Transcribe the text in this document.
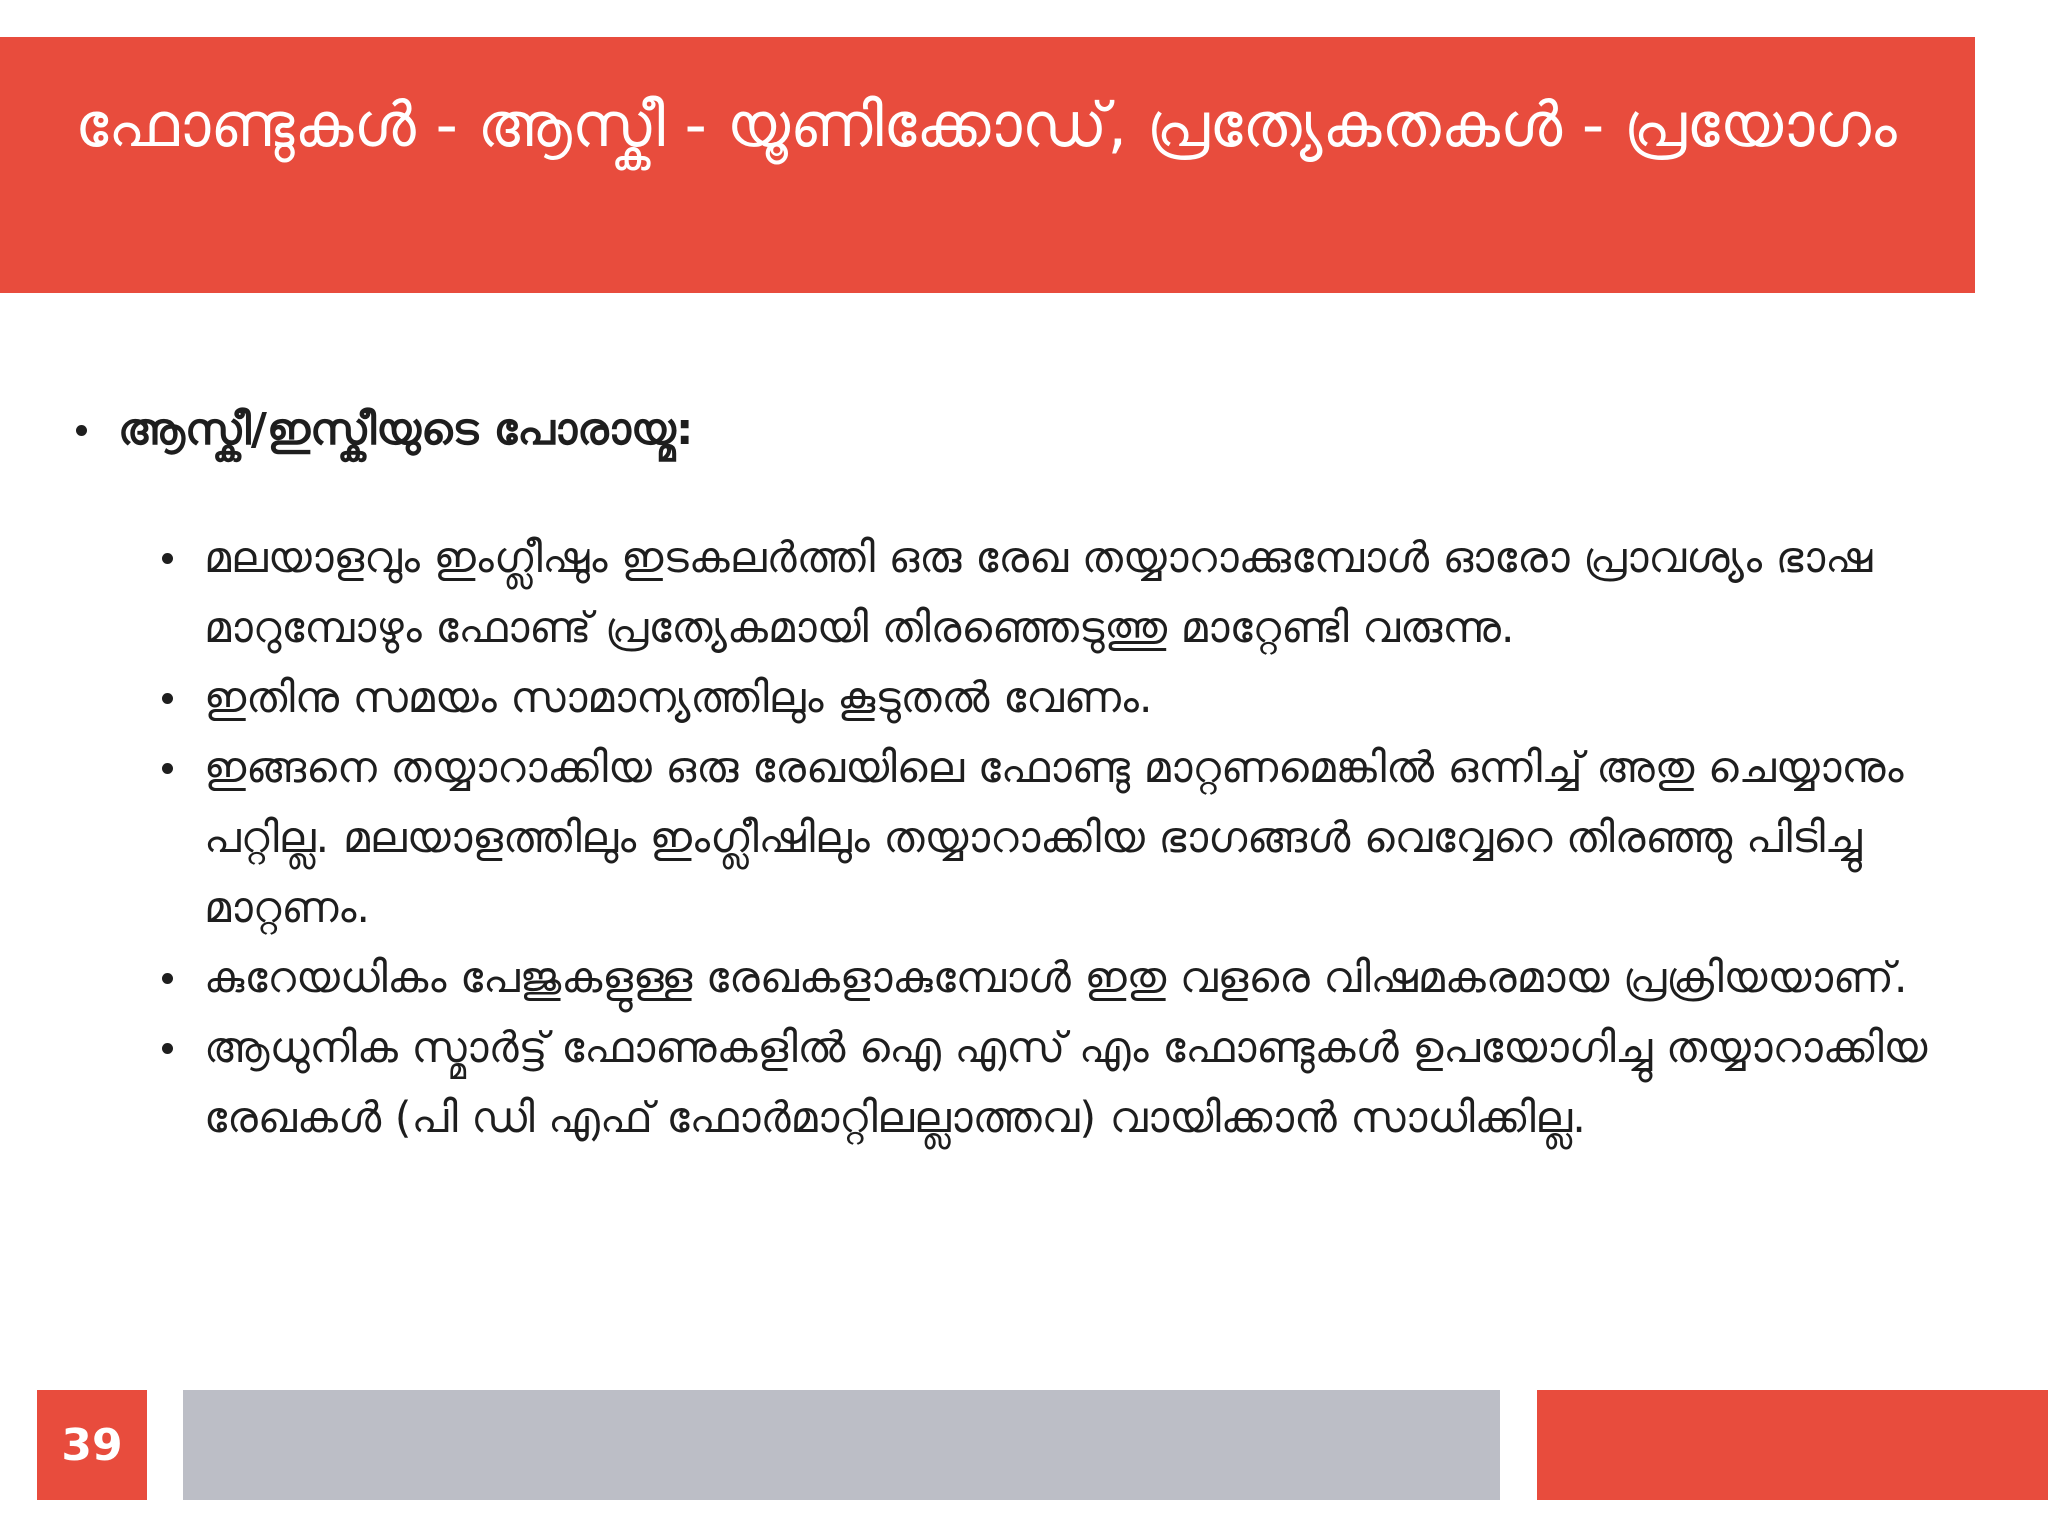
ഫോണ്ടുകൾ - ആസ്കീ - യൂണിക്കോഡ്, പ്രത്യേകതകൾ - പ്രയോഗം
ആസ്കീ/ഇസ്കീയുടെ പോരായ്മ:
മലയാളവും ഇംഗ്ലീഷും ഇടകലർത്തി ഒരു രേഖ തയ്യാറാക്കുമ്പോൾ ഓരോ പ്രാവശ്യം ഭാഷ മാറുമ്പോഴും ഫോണ്ട് പ്രത്യേകമായി തിരഞ്ഞെടുത്തു മാറ്റേണ്ടി വരുന്നു.
ഇതിനു സമയം സാമാന്യത്തിലും കൂടുതൽ വേണം.
ഇങ്ങനെ തയ്യാറാക്കിയ ഒരു രേഖയിലെ ഫോണ്ടു മാറ്റണമെങ്കിൽ ഒന്നിച്ച് അതു ചെയ്യാനും പറ്റില്ല. മലയാളത്തിലും ഇംഗ്ലീഷിലും തയ്യാറാക്കിയ ഭാഗങ്ങൾ വെവ്വേറെ തിരഞ്ഞു പിടിച്ചു മാറ്റണം.
കുറേയധികം പേജുകളുള്ള രേഖകളാകുമ്പോൾ ഇതു വളരെ വിഷമകരമായ പ്രക്രിയയാണ്.
ആധുനിക സ്മാർട്ട് ഫോണുകളിൽ ഐ എസ് എം ഫോണ്ടുകൾ ഉപയോഗിച്ചു തയ്യാറാക്കിയ രേഖകൾ (പി ഡി എഫ് ഫോർമാറ്റിലല്ലാത്തവ) വായിക്കാൻ സാധിക്കില്ല.
39
